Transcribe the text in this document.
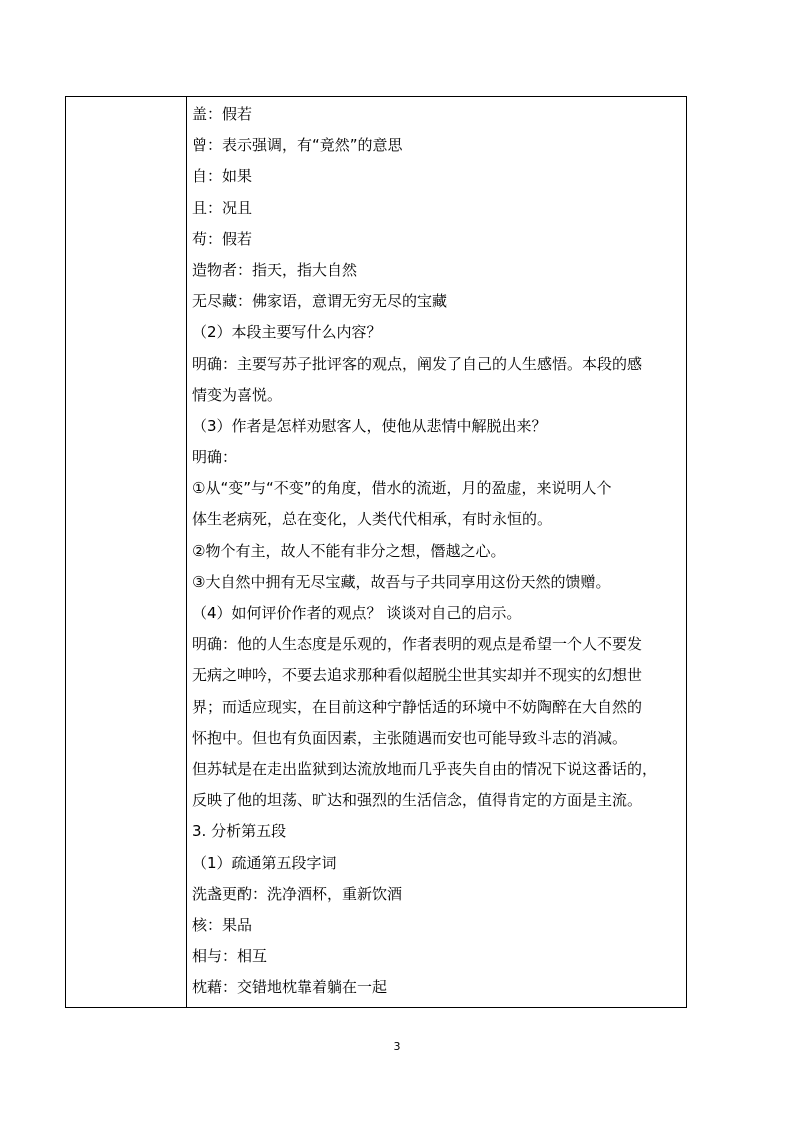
盖：假若
曾：表示强调，有“竟然”的意思
自：如果
且：况且
苟：假若
造物者：指天，指大自然
无尽藏：佛家语，意谓无穷无尽的宝藏
（2）本段主要写什么内容？
明确：主要写苏子批评客的观点，阐发了自己的人生感悟。本段的感
情变为喜悦。
（3）作者是怎样劝慰客人，使他从悲情中解脱出来？
明确：
①从“变”与“不变”的角度，借水的流逝，月的盈虚，来说明人个
体生老病死，总在变化，人类代代相承，有时永恒的。
②物个有主，故人不能有非分之想，僭越之心。
③大自然中拥有无尽宝藏，故吾与子共同享用这份天然的馈赠。
（4）如何评价作者的观点？ 谈谈对自己的启示。
明确：他的人生态度是乐观的，作者表明的观点是希望一个人不要发
无病之呻吟，不要去追求那种看似超脱尘世其实却并不现实的幻想世
界；而适应现实，在目前这种宁静恬适的环境中不妨陶醉在大自然的
怀抱中。但也有负面因素，主张随遇而安也可能导致斗志的消减。
但苏轼是在走出监狱到达流放地而几乎丧失自由的情况下说这番话的，
反映了他的坦荡、旷达和强烈的生活信念，值得肯定的方面是主流。
3. 分析第五段
（1）疏通第五段字词
洗盏更酌：洗净酒杯，重新饮酒
核：果品
相与：相互
枕藉：交错地枕靠着躺在一起
3
